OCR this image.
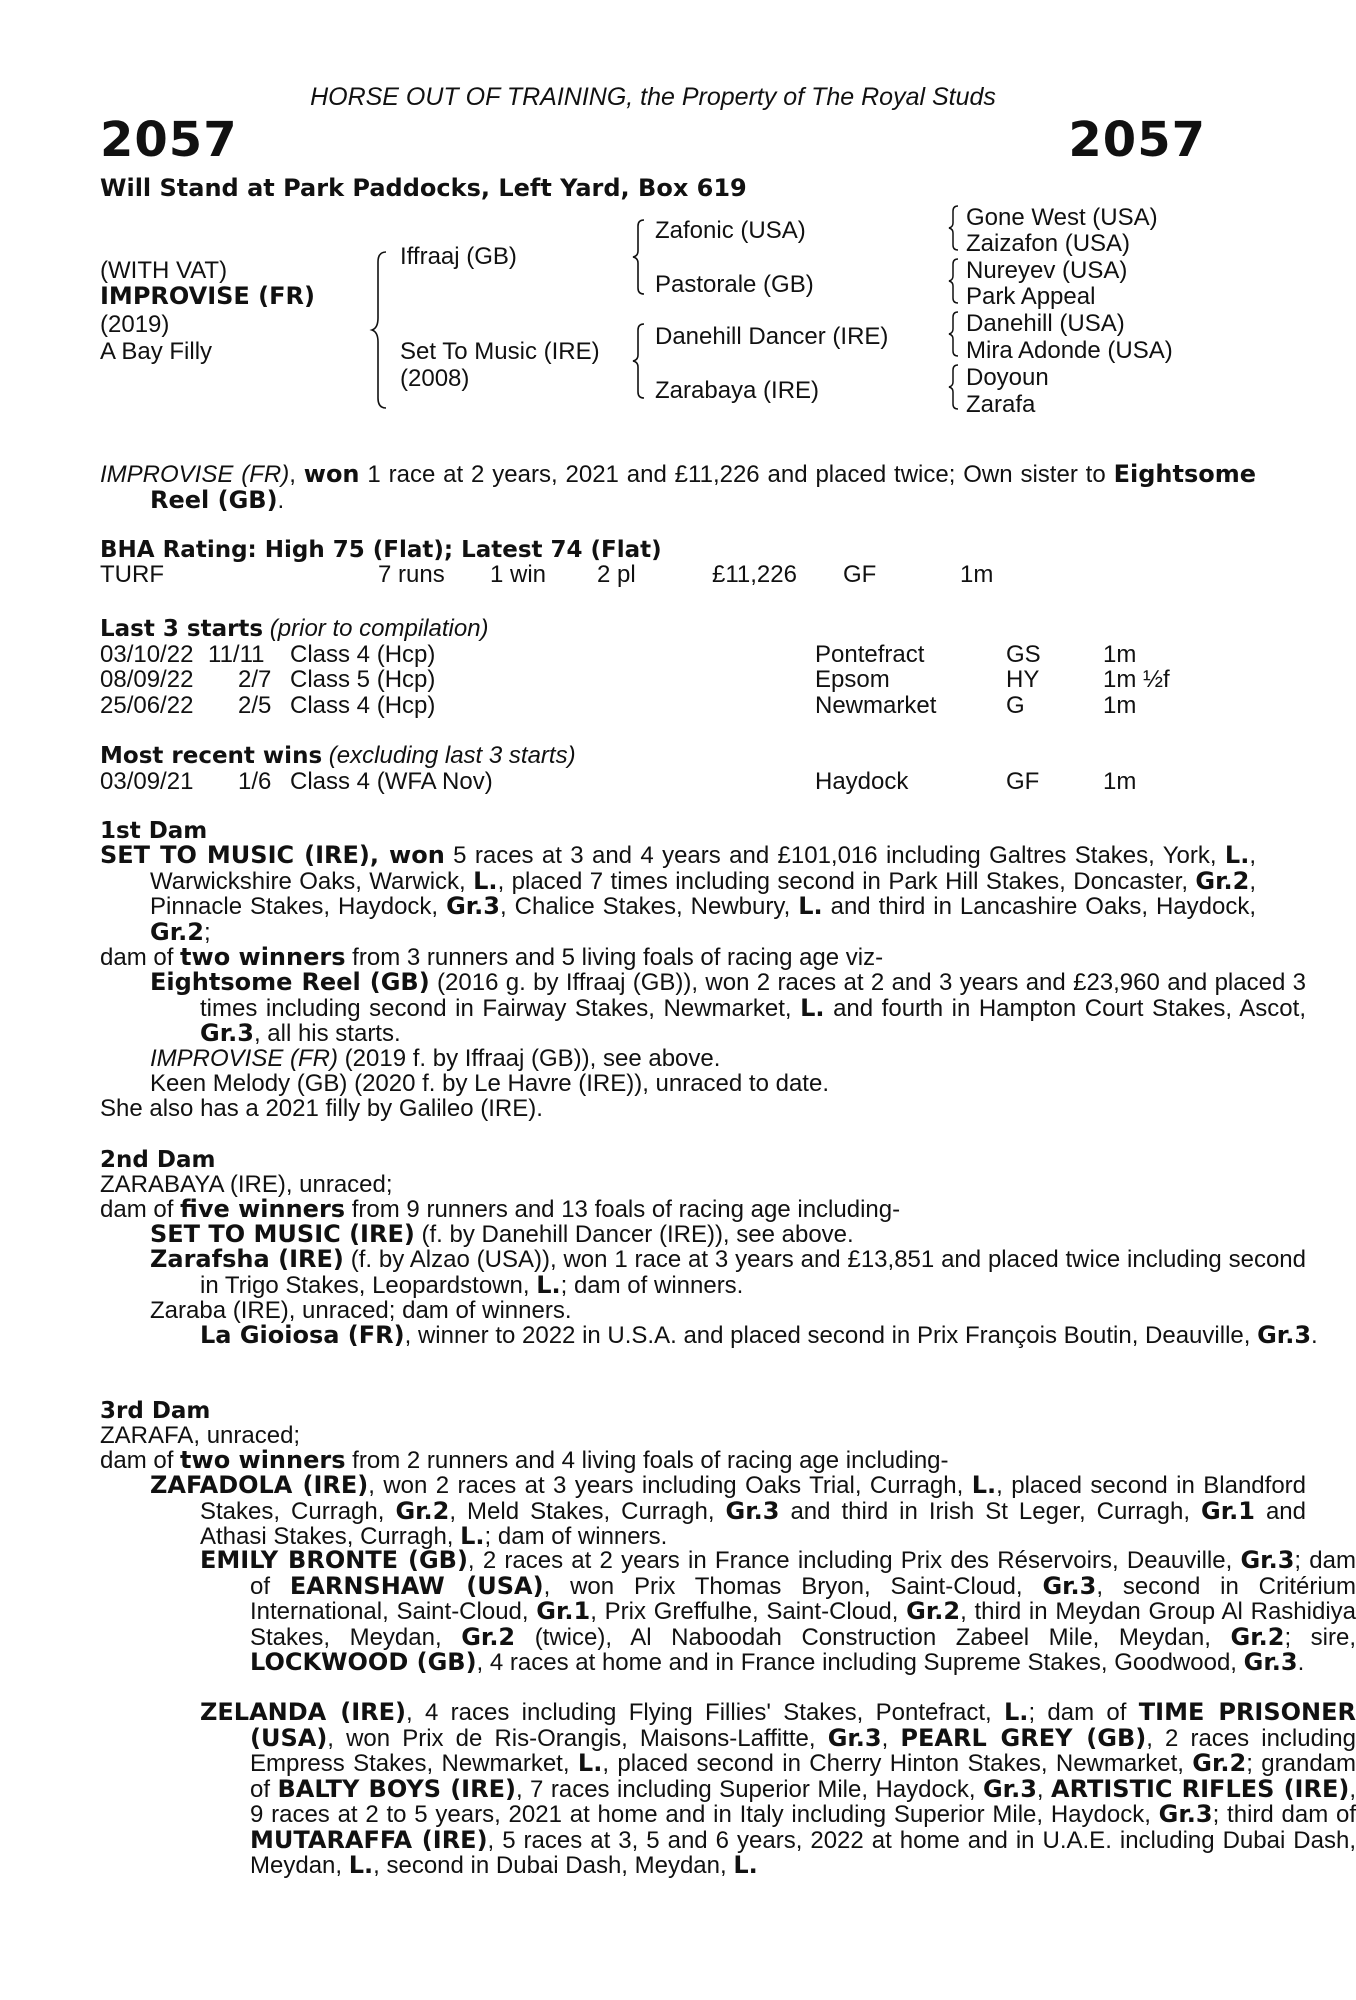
HORSE OUT OF TRAINING, the Property of The Royal Studs
2057	2057
Will Stand at Park Paddocks, Left Yard, Box 619
(WITH VAT)
IMPROVISE (FR)
(2019)
A Bay Filly
Iffraaj (GB)
Set To Music (IRE)
(2008)
Zafonic (USA)
Pastorale (GB)
Danehill Dancer (IRE)
Zarabaya (IRE)
Gone West (USA)
Zaizafon (USA)
Nureyev (USA)
Park Appeal
Danehill (USA)
Mira Adonde (USA)
Doyoun
Zarafa
IMPROVISE (FR), won 1 race at 2 years, 2021 and £11,226 and placed twice; Own sister to Eightsome Reel (GB).
BHA Rating: High 75 (Flat); Latest 74 (Flat)
TURF	7 runs 1 win 2 pl	£11,226 GF	1m
Last 3 starts (prior to compilation)
03/10/22 11/11 Class 4 (Hcp)	Pontefract	GS	1m
08/09/22 2/7 Class 5 (Hcp)	Epsom	HY	1m ½f
25/06/22 2/5 Class 4 (Hcp)	Newmarket	G	1m
Most recent wins (excluding last 3 starts)
03/09/21 1/6 Class 4 (WFA Nov)	Haydock	GF	1m
1st Dam
SET TO MUSIC (IRE), won 5 races at 3 and 4 years and £101,016 including Galtres Stakes, York, L., Warwickshire Oaks, Warwick, L., placed 7 times including second in Park Hill Stakes, Doncaster, Gr.2, Pinnacle Stakes, Haydock, Gr.3, Chalice Stakes, Newbury, L. and third in Lancashire Oaks, Haydock, Gr.2;
dam of two winners from 3 runners and 5 living foals of racing age viz-
Eightsome Reel (GB) (2016 g. by Iffraaj (GB)), won 2 races at 2 and 3 years and £23,960 and placed 3 times including second in Fairway Stakes, Newmarket, L. and fourth in Hampton Court Stakes, Ascot, Gr.3, all his starts.
IMPROVISE (FR) (2019 f. by Iffraaj (GB)), see above.
Keen Melody (GB) (2020 f. by Le Havre (IRE)), unraced to date.
She also has a 2021 filly by Galileo (IRE).
2nd Dam
ZARABAYA (IRE), unraced;
dam of five winners from 9 runners and 13 foals of racing age including-
SET TO MUSIC (IRE) (f. by Danehill Dancer (IRE)), see above.
Zarafsha (IRE) (f. by Alzao (USA)), won 1 race at 3 years and £13,851 and placed twice including second in Trigo Stakes, Leopardstown, L.; dam of winners.
Zaraba (IRE), unraced; dam of winners.
La Gioiosa (FR), winner to 2022 in U.S.A. and placed second in Prix François Boutin, Deauville, Gr.3.
3rd Dam
ZARAFA, unraced;
dam of two winners from 2 runners and 4 living foals of racing age including-
ZAFADOLA (IRE), won 2 races at 3 years including Oaks Trial, Curragh, L., placed second in Blandford Stakes, Curragh, Gr.2, Meld Stakes, Curragh, Gr.3 and third in Irish St Leger, Curragh, Gr.1 and Athasi Stakes, Curragh, L.; dam of winners.
EMILY BRONTE (GB), 2 races at 2 years in France including Prix des Réservoirs, Deauville, Gr.3; dam of EARNSHAW (USA), won Prix Thomas Bryon, Saint-Cloud, Gr.3, second in Critérium International, Saint-Cloud, Gr.1, Prix Greffulhe, Saint-Cloud, Gr.2, third in Meydan Group Al Rashidiya Stakes, Meydan, Gr.2 (twice), Al Naboodah Construction Zabeel Mile, Meydan, Gr.2; sire, LOCKWOOD (GB), 4 races at home and in France including Supreme Stakes, Goodwood, Gr.3.
ZELANDA (IRE), 4 races including Flying Fillies' Stakes, Pontefract, L.; dam of TIME PRISONER (USA), won Prix de Ris-Orangis, Maisons-Laffitte, Gr.3, PEARL GREY (GB), 2 races including Empress Stakes, Newmarket, L., placed second in Cherry Hinton Stakes, Newmarket, Gr.2; grandam of BALTY BOYS (IRE), 7 races including Superior Mile, Haydock, Gr.3, ARTISTIC RIFLES (IRE), 9 races at 2 to 5 years, 2021 at home and in Italy including Superior Mile, Haydock, Gr.3; third dam of MUTARAFFA (IRE), 5 races at 3, 5 and 6 years, 2022 at home and in U.A.E. including Dubai Dash, Meydan, L., second in Dubai Dash, Meydan, L.
